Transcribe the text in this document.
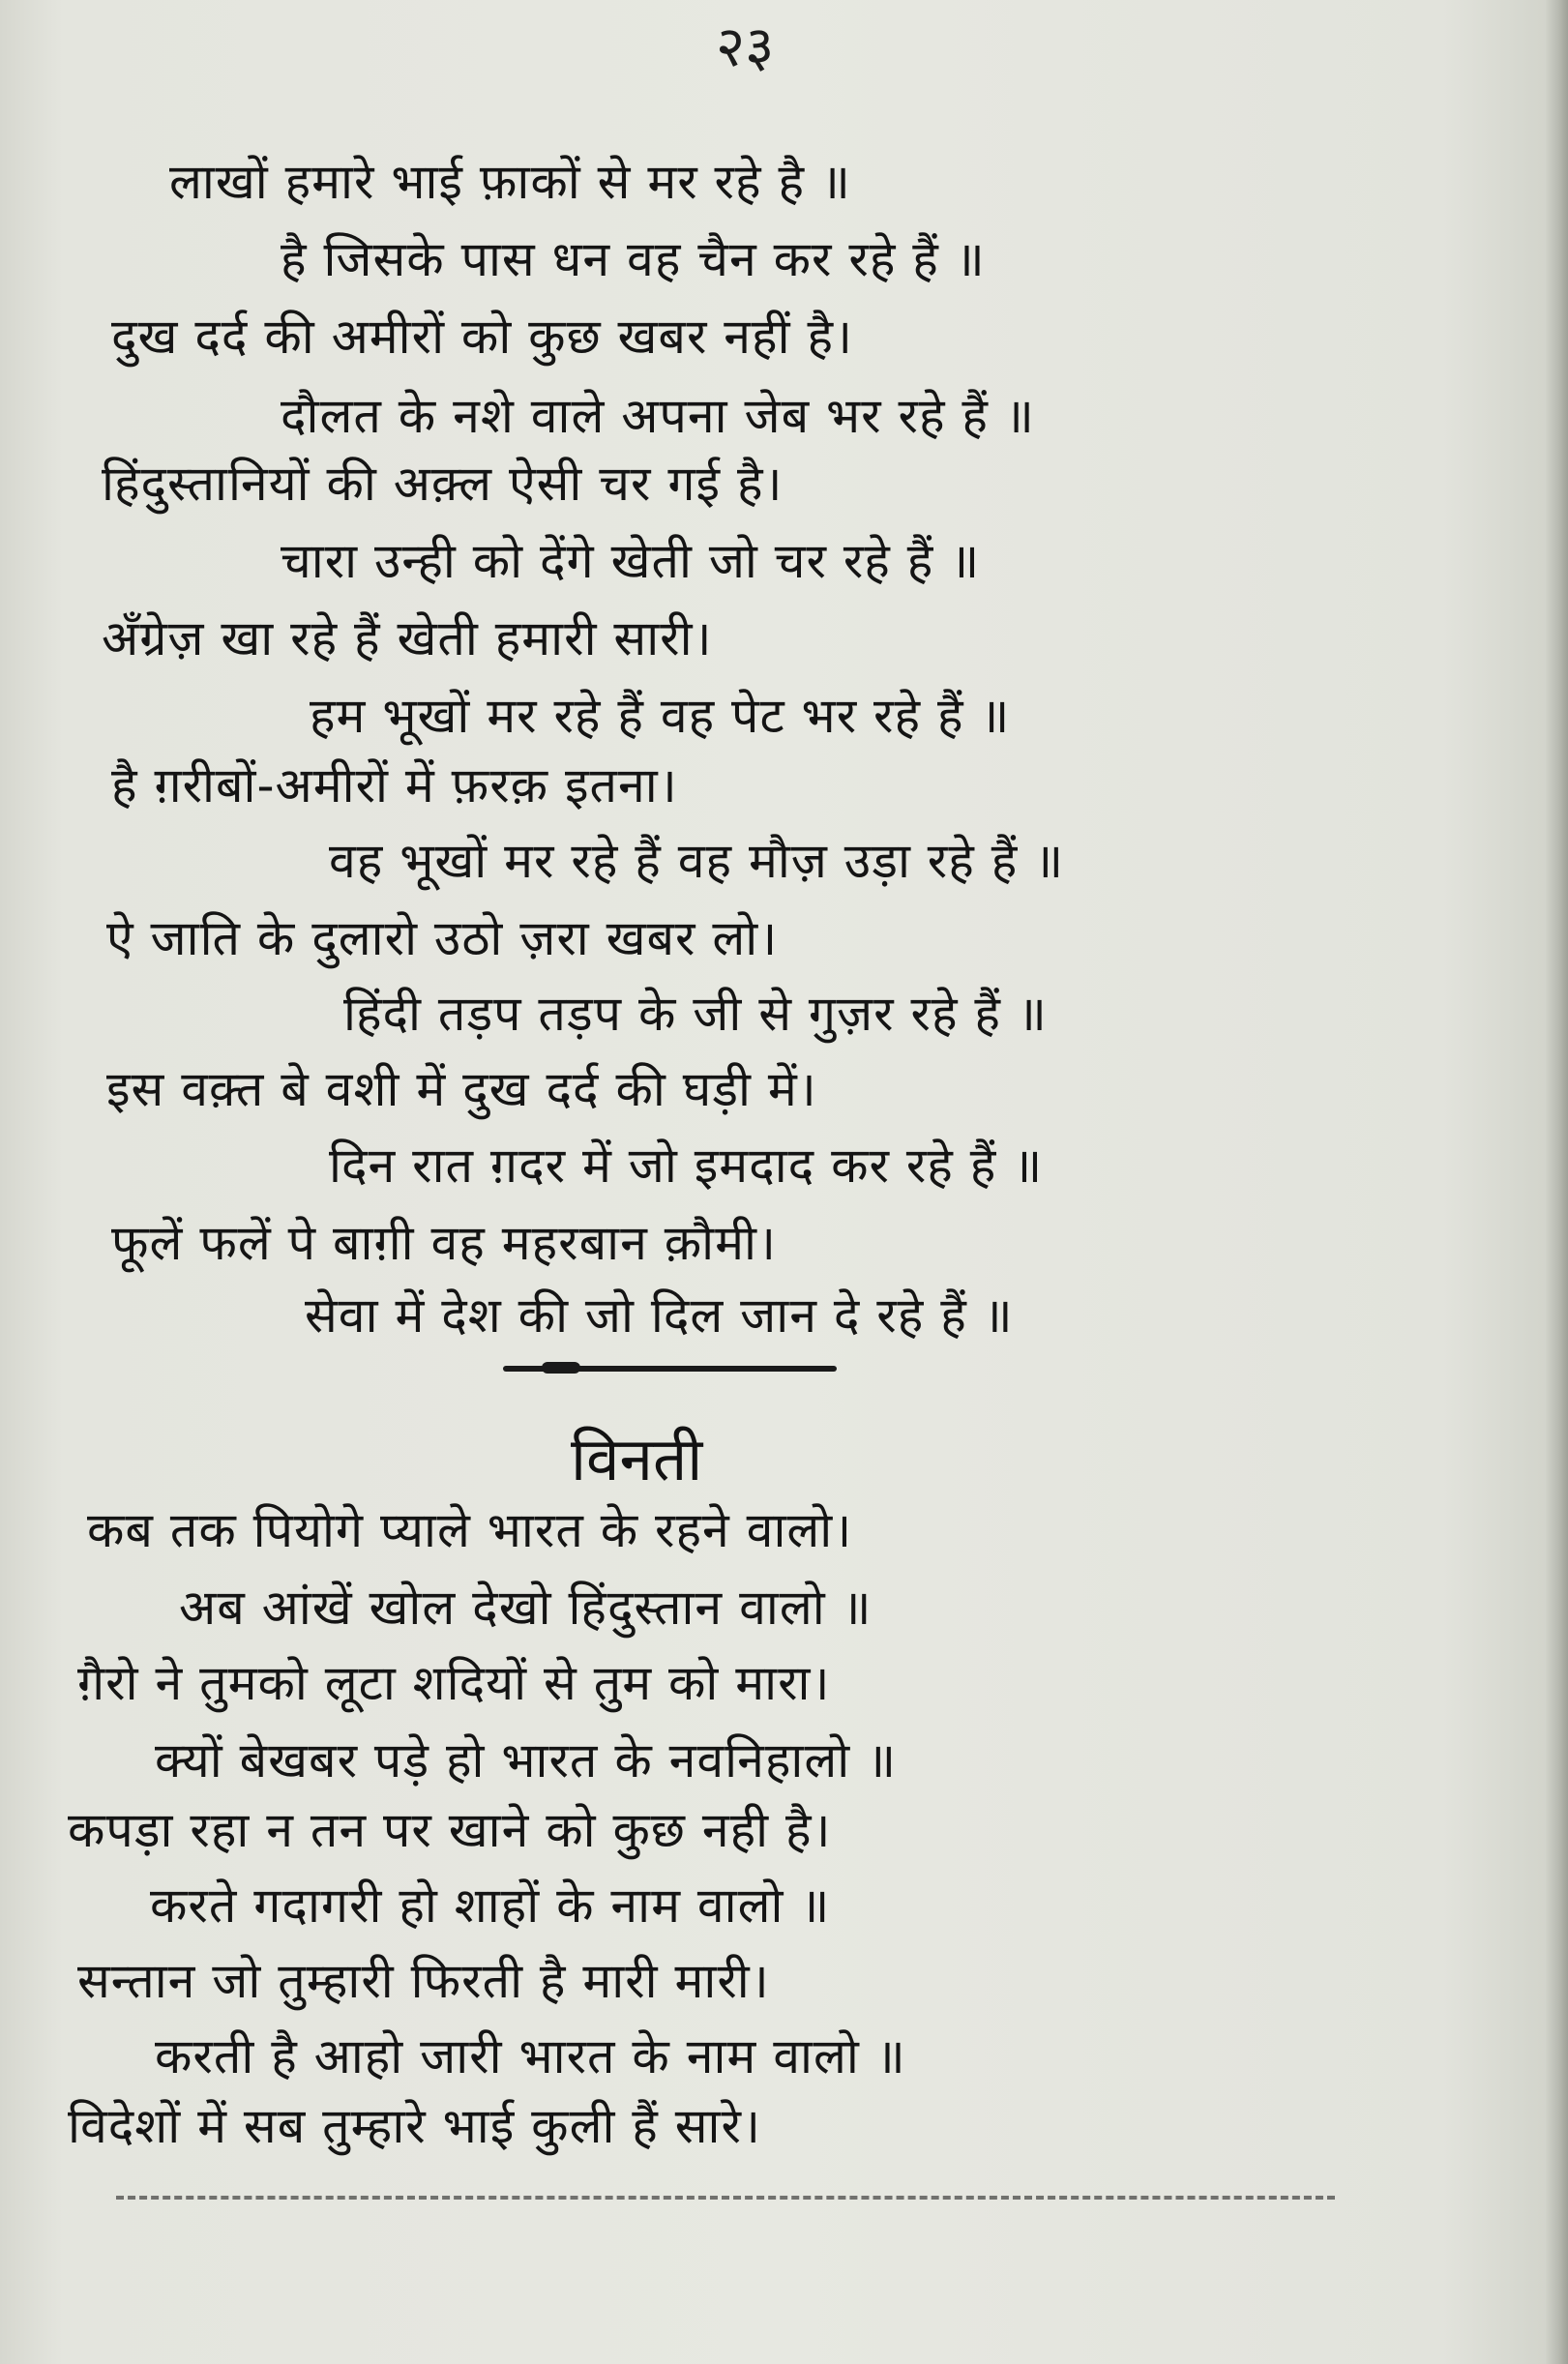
२३
लाखों हमारे भाई फ़ाकों से मर रहे है ॥
है जिसके पास धन वह चैन कर रहे हैं ॥
दुख दर्द की अमीरों को कुछ खबर नहीं है।
दौलत के नशे वाले अपना जेब भर रहे हैं ॥
हिंदुस्तानियों की अक़्ल ऐसी चर गई है।
चारा उन्ही को देंगे खेती जो चर रहे हैं ॥
अँग्रेज़ खा रहे हैं खेती हमारी सारी।
हम भूखों मर रहे हैं वह पेट भर रहे हैं ॥
है ग़रीबों-अमीरों में फ़रक़ इतना।
वह भूखों मर रहे हैं वह मौज़ उड़ा रहे हैं ॥
ऐ जाति के दुलारो उठो ज़रा खबर लो।
हिंदी तड़प तड़प के जी से गुज़र रहे हैं ॥
इस वक़्त बे वशी में दुख दर्द की घड़ी में।
दिन रात ग़दर में जो इमदाद कर रहे हैं ॥
फूलें फलें पे बाग़ी वह महरबान क़ौमी।
सेवा में देश की जो दिल जान दे रहे हैं ॥
विनती
कब तक पियोगे प्याले भारत के रहने वालो।
अब आंखें खोल देखो हिंदुस्तान वालो ॥
ग़ैरो ने तुमको लूटा शदियों से तुम को मारा।
क्यों बेखबर पड़े हो भारत के नवनिहालो ॥
कपड़ा रहा न तन पर खाने को कुछ नही है।
करते गदागरी हो शाहों के नाम वालो ॥
सन्तान जो तुम्हारी फिरती है मारी मारी।
करती है आहो जारी भारत के नाम वालो ॥
विदेशों में सब तुम्हारे भाई कुली हैं सारे।
